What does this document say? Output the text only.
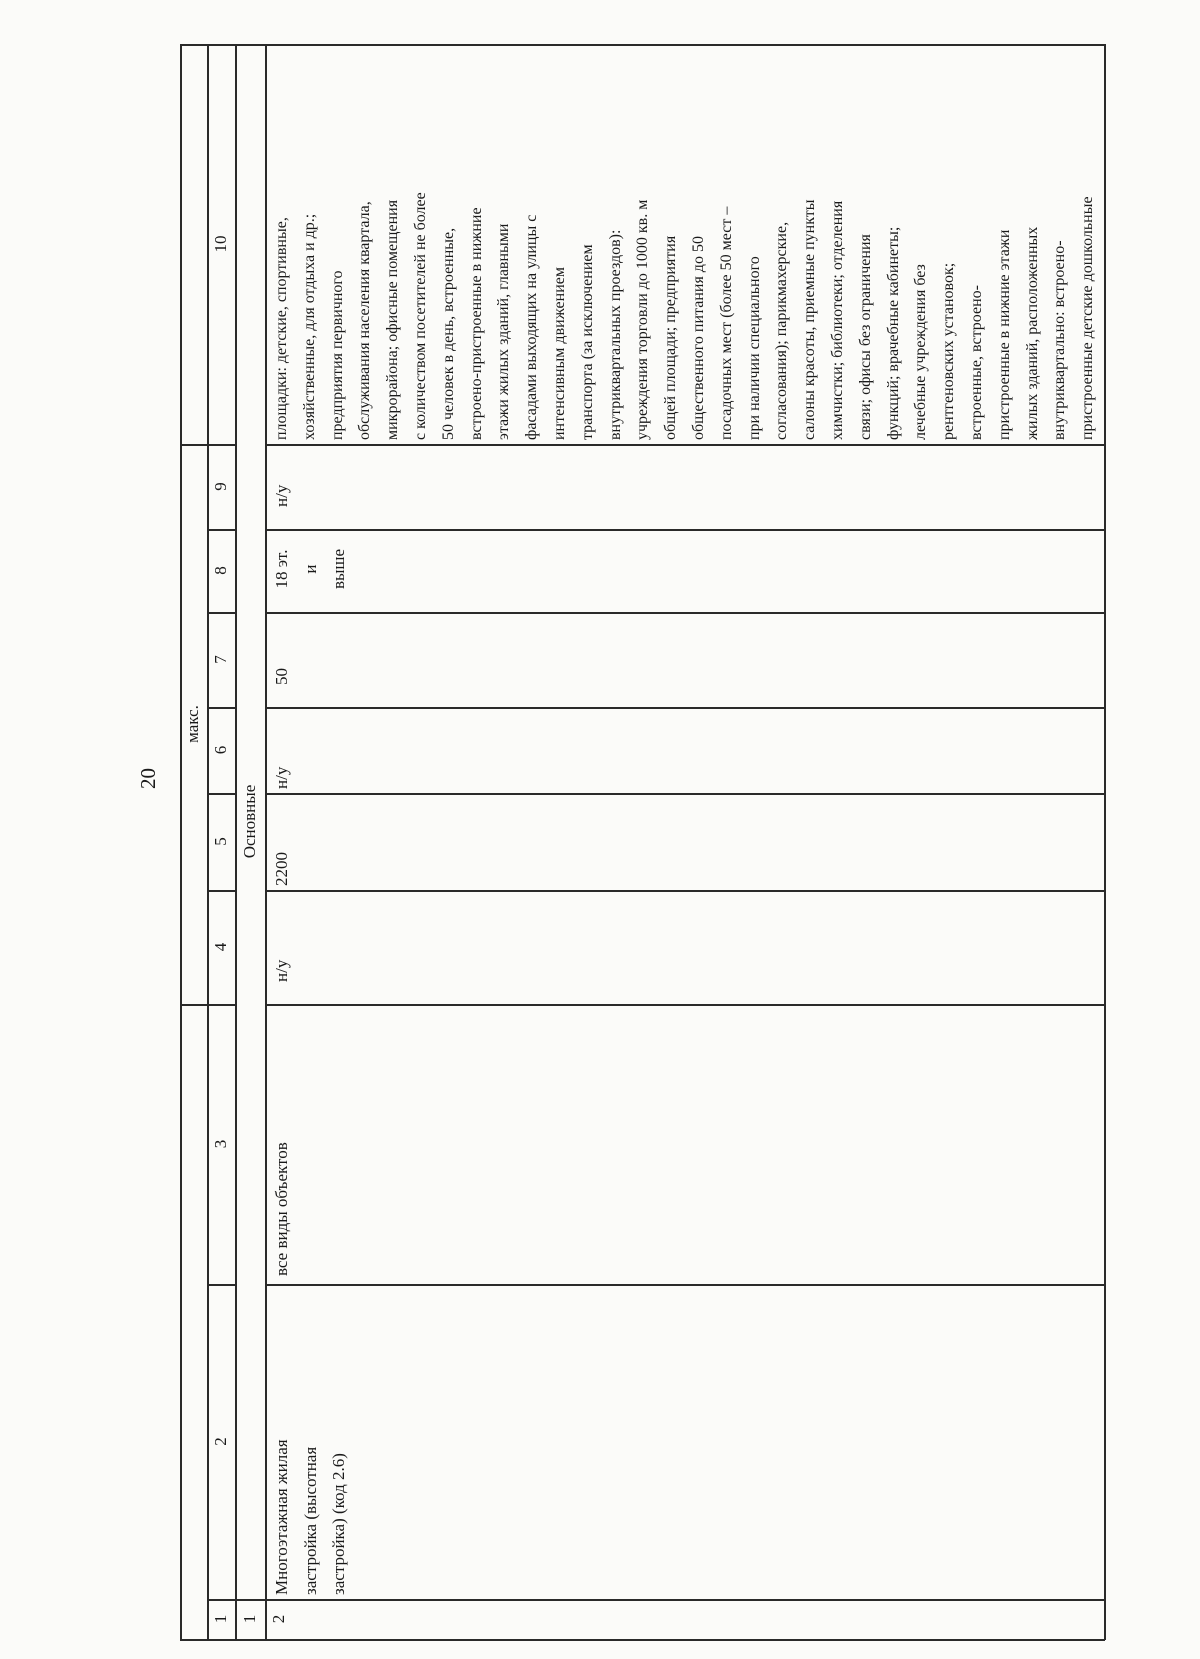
20
макс.
1
2
3
4
5
6
7
8
9
10
1
Основные
2
Многоэтажная жилая застройка (высотная застройка) (код 2.6)
все виды объектов
н/у
2200
н/у
50
18 эт. и выше
н/у
площадки: детские, спортивные, хозяйственные, для отдыха и др.; предприятия первичного обслуживания населения квартала, микрорайона; офисные помещения с количеством посетителей не более 50 человек в день, встроенные, встроено-пристроенные в нижние этажи жилых зданий, главными фасадами выходящих на улицы с интенсивным движением транспорта (за исключением внутриквартальных проездов): учреждения торговли до 1000 кв. м общей площади; предприятия общественного питания до 50 посадочных мест (более 50 мест – при наличии специального согласования); парикмахерские, салоны красоты, приемные пункты химчистки; библиотеки; отделения связи; офисы без ограничения функций; врачебные кабинеты; лечебные учреждения без рентгеновских установок; встроенные, встроено- пристроенные в нижние этажи жилых зданий, расположенных внутриквартально: встроено- пристроенные детские дошкольные
